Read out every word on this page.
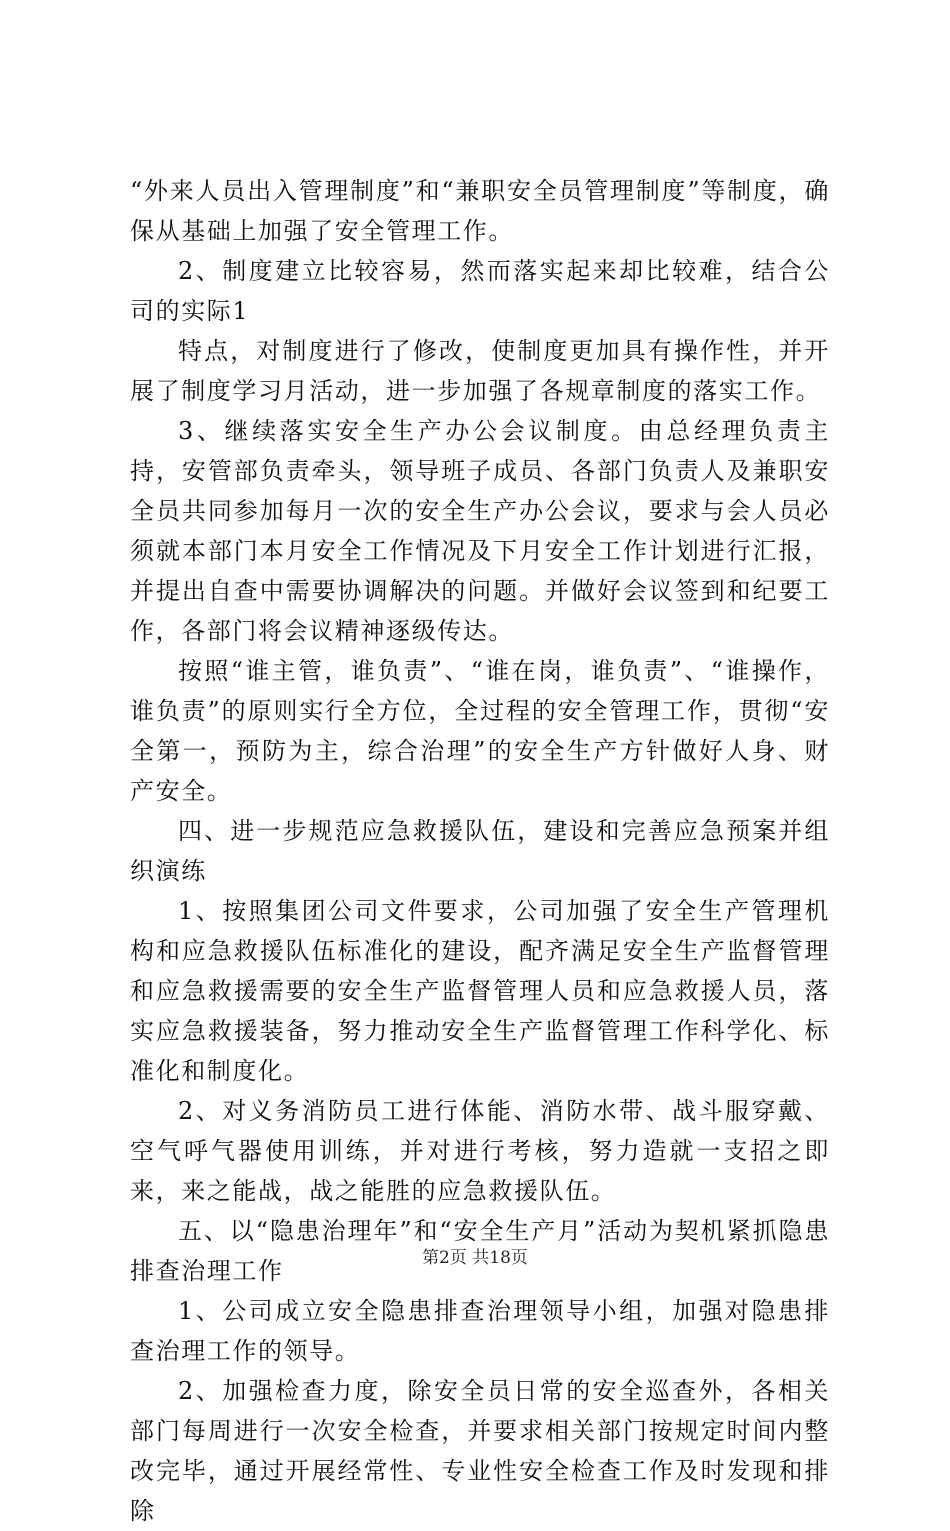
“外来人员出入管理制度”和“兼职安全员管理制度”等制度，确保从基础上加强了安全管理工作。

2、制度建立比较容易，然而落实起来却比较难，结合公司的实际1

特点，对制度进行了修改，使制度更加具有操作性，并开展了制度学习月活动，进一步加强了各规章制度的落实工作。

3、继续落实安全生产办公会议制度。由总经理负责主持，安管部负责牵头，领导班子成员、各部门负责人及兼职安全员共同参加每月一次的安全生产办公会议，要求与会人员必须就本部门本月安全工作情况及下月安全工作计划进行汇报，并提出自查中需要协调解决的问题。并做好会议签到和纪要工作，各部门将会议精神逐级传达。

按照“谁主管，谁负责”、“谁在岗，谁负责”、“谁操作，谁负责”的原则实行全方位，全过程的安全管理工作，贯彻“安全第一，预防为主，综合治理”的安全生产方针做好人身、财产安全。

四、进一步规范应急救援队伍，建设和完善应急预案并组织演练

1、按照集团公司文件要求，公司加强了安全生产管理机构和应急救援队伍标准化的建设，配齐满足安全生产监督管理和应急救援需要的安全生产监督管理人员和应急救援人员，落实应急救援装备，努力推动安全生产监督管理工作科学化、标准化和制度化。

2、对义务消防员工进行体能、消防水带、战斗服穿戴、空气呼气器使用训练，并对进行考核，努力造就一支招之即来，来之能战，战之能胜的应急救援队伍。

五、以“隐患治理年”和“安全生产月”活动为契机紧抓隐患排查治理工作

1、公司成立安全隐患排查治理领导小组，加强对隐患排查治理工作的领导。

2、加强检查力度，除安全员日常的安全巡查外，各相关部门每周进行一次安全检查，并要求相关部门按规定时间内整改完毕，通过开展经常性、专业性安全检查工作及时发现和排除

第2页 共18页
